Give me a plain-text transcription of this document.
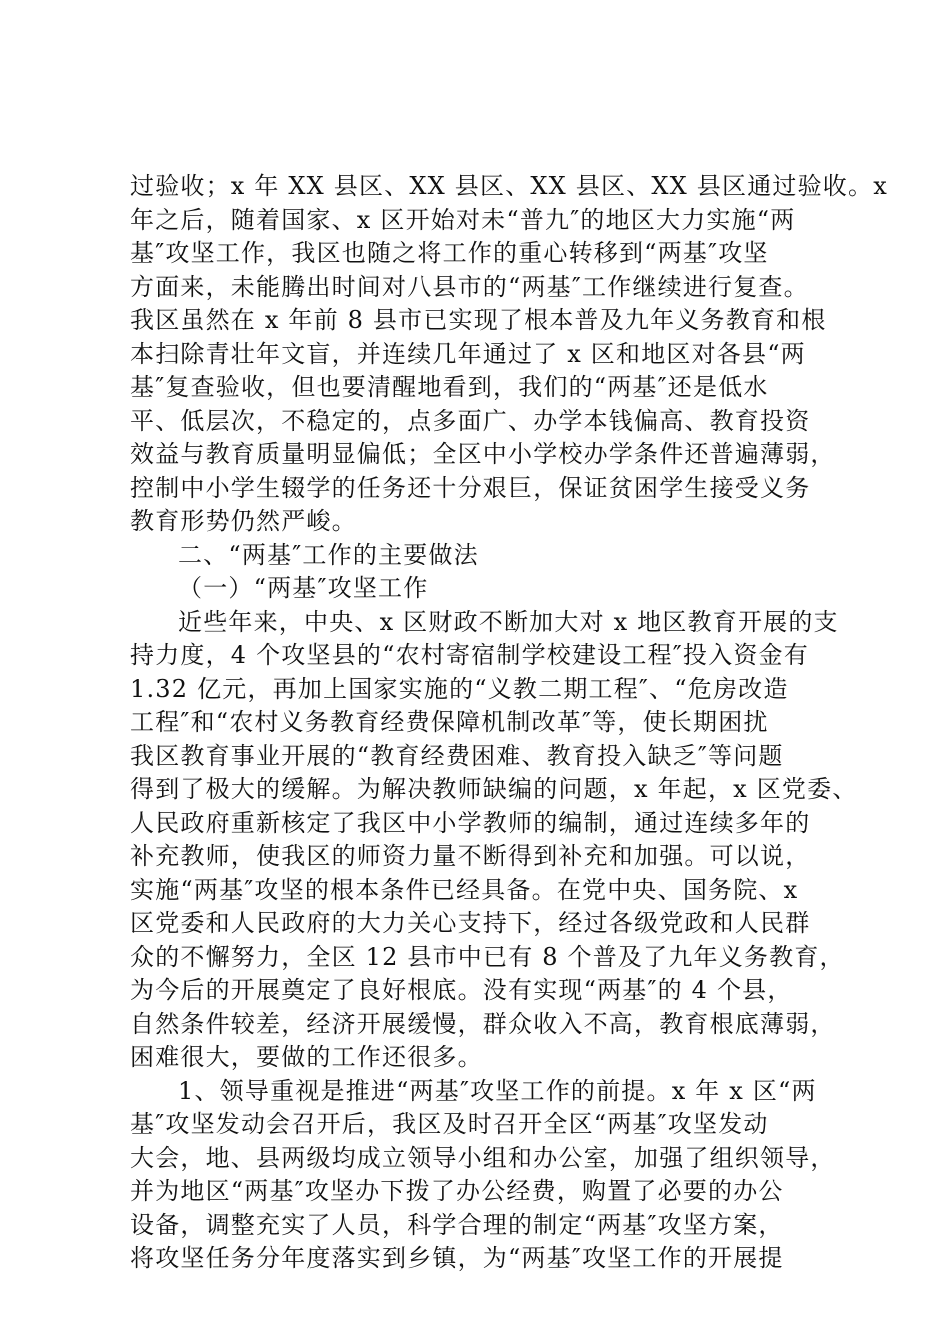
过验收；x 年 XX 县区、XX 县区、XX 县区、XX 县区通过验收。x
年之后，随着国家、x 区开始对未“普九″的地区大力实施“两
基″攻坚工作，我区也随之将工作的重心转移到“两基″攻坚
方面来，未能腾出时间对八县市的“两基″工作继续进行复查。
我区虽然在 x 年前 8 县市已实现了根本普及九年义务教育和根
本扫除青壮年文盲，并连续几年通过了 x 区和地区对各县“两
基″复查验收，但也要清醒地看到，我们的“两基″还是低水
平、低层次，不稳定的，点多面广、办学本钱偏高、教育投资
效益与教育质量明显偏低；全区中小学校办学条件还普遍薄弱，
控制中小学生辍学的任务还十分艰巨，保证贫困学生接受义务
教育形势仍然严峻。
二、“两基″工作的主要做法
（一）“两基″攻坚工作
近些年来，中央、x 区财政不断加大对 x 地区教育开展的支
持力度，4 个攻坚县的“农村寄宿制学校建设工程″投入资金有
1.32 亿元，再加上国家实施的“义教二期工程″、“危房改造
工程″和“农村义务教育经费保障机制改革″等，使长期困扰
我区教育事业开展的“教育经费困难、教育投入缺乏″等问题
得到了极大的缓解。为解决教师缺编的问题，x 年起，x 区党委、
人民政府重新核定了我区中小学教师的编制，通过连续多年的
补充教师，使我区的师资力量不断得到补充和加强。可以说，
实施“两基″攻坚的根本条件已经具备。在党中央、国务院、x
区党委和人民政府的大力关心支持下，经过各级党政和人民群
众的不懈努力，全区 12 县市中已有 8 个普及了九年义务教育，
为今后的开展奠定了良好根底。没有实现“两基″的 4 个县，
自然条件较差，经济开展缓慢，群众收入不高，教育根底薄弱，
困难很大，要做的工作还很多。
1、领导重视是推进“两基″攻坚工作的前提。x 年 x 区“两
基″攻坚发动会召开后，我区及时召开全区“两基″攻坚发动
大会，地、县两级均成立领导小组和办公室，加强了组织领导，
并为地区“两基″攻坚办下拨了办公经费，购置了必要的办公
设备，调整充实了人员，科学合理的制定“两基″攻坚方案，
将攻坚任务分年度落实到乡镇，为“两基″攻坚工作的开展提
